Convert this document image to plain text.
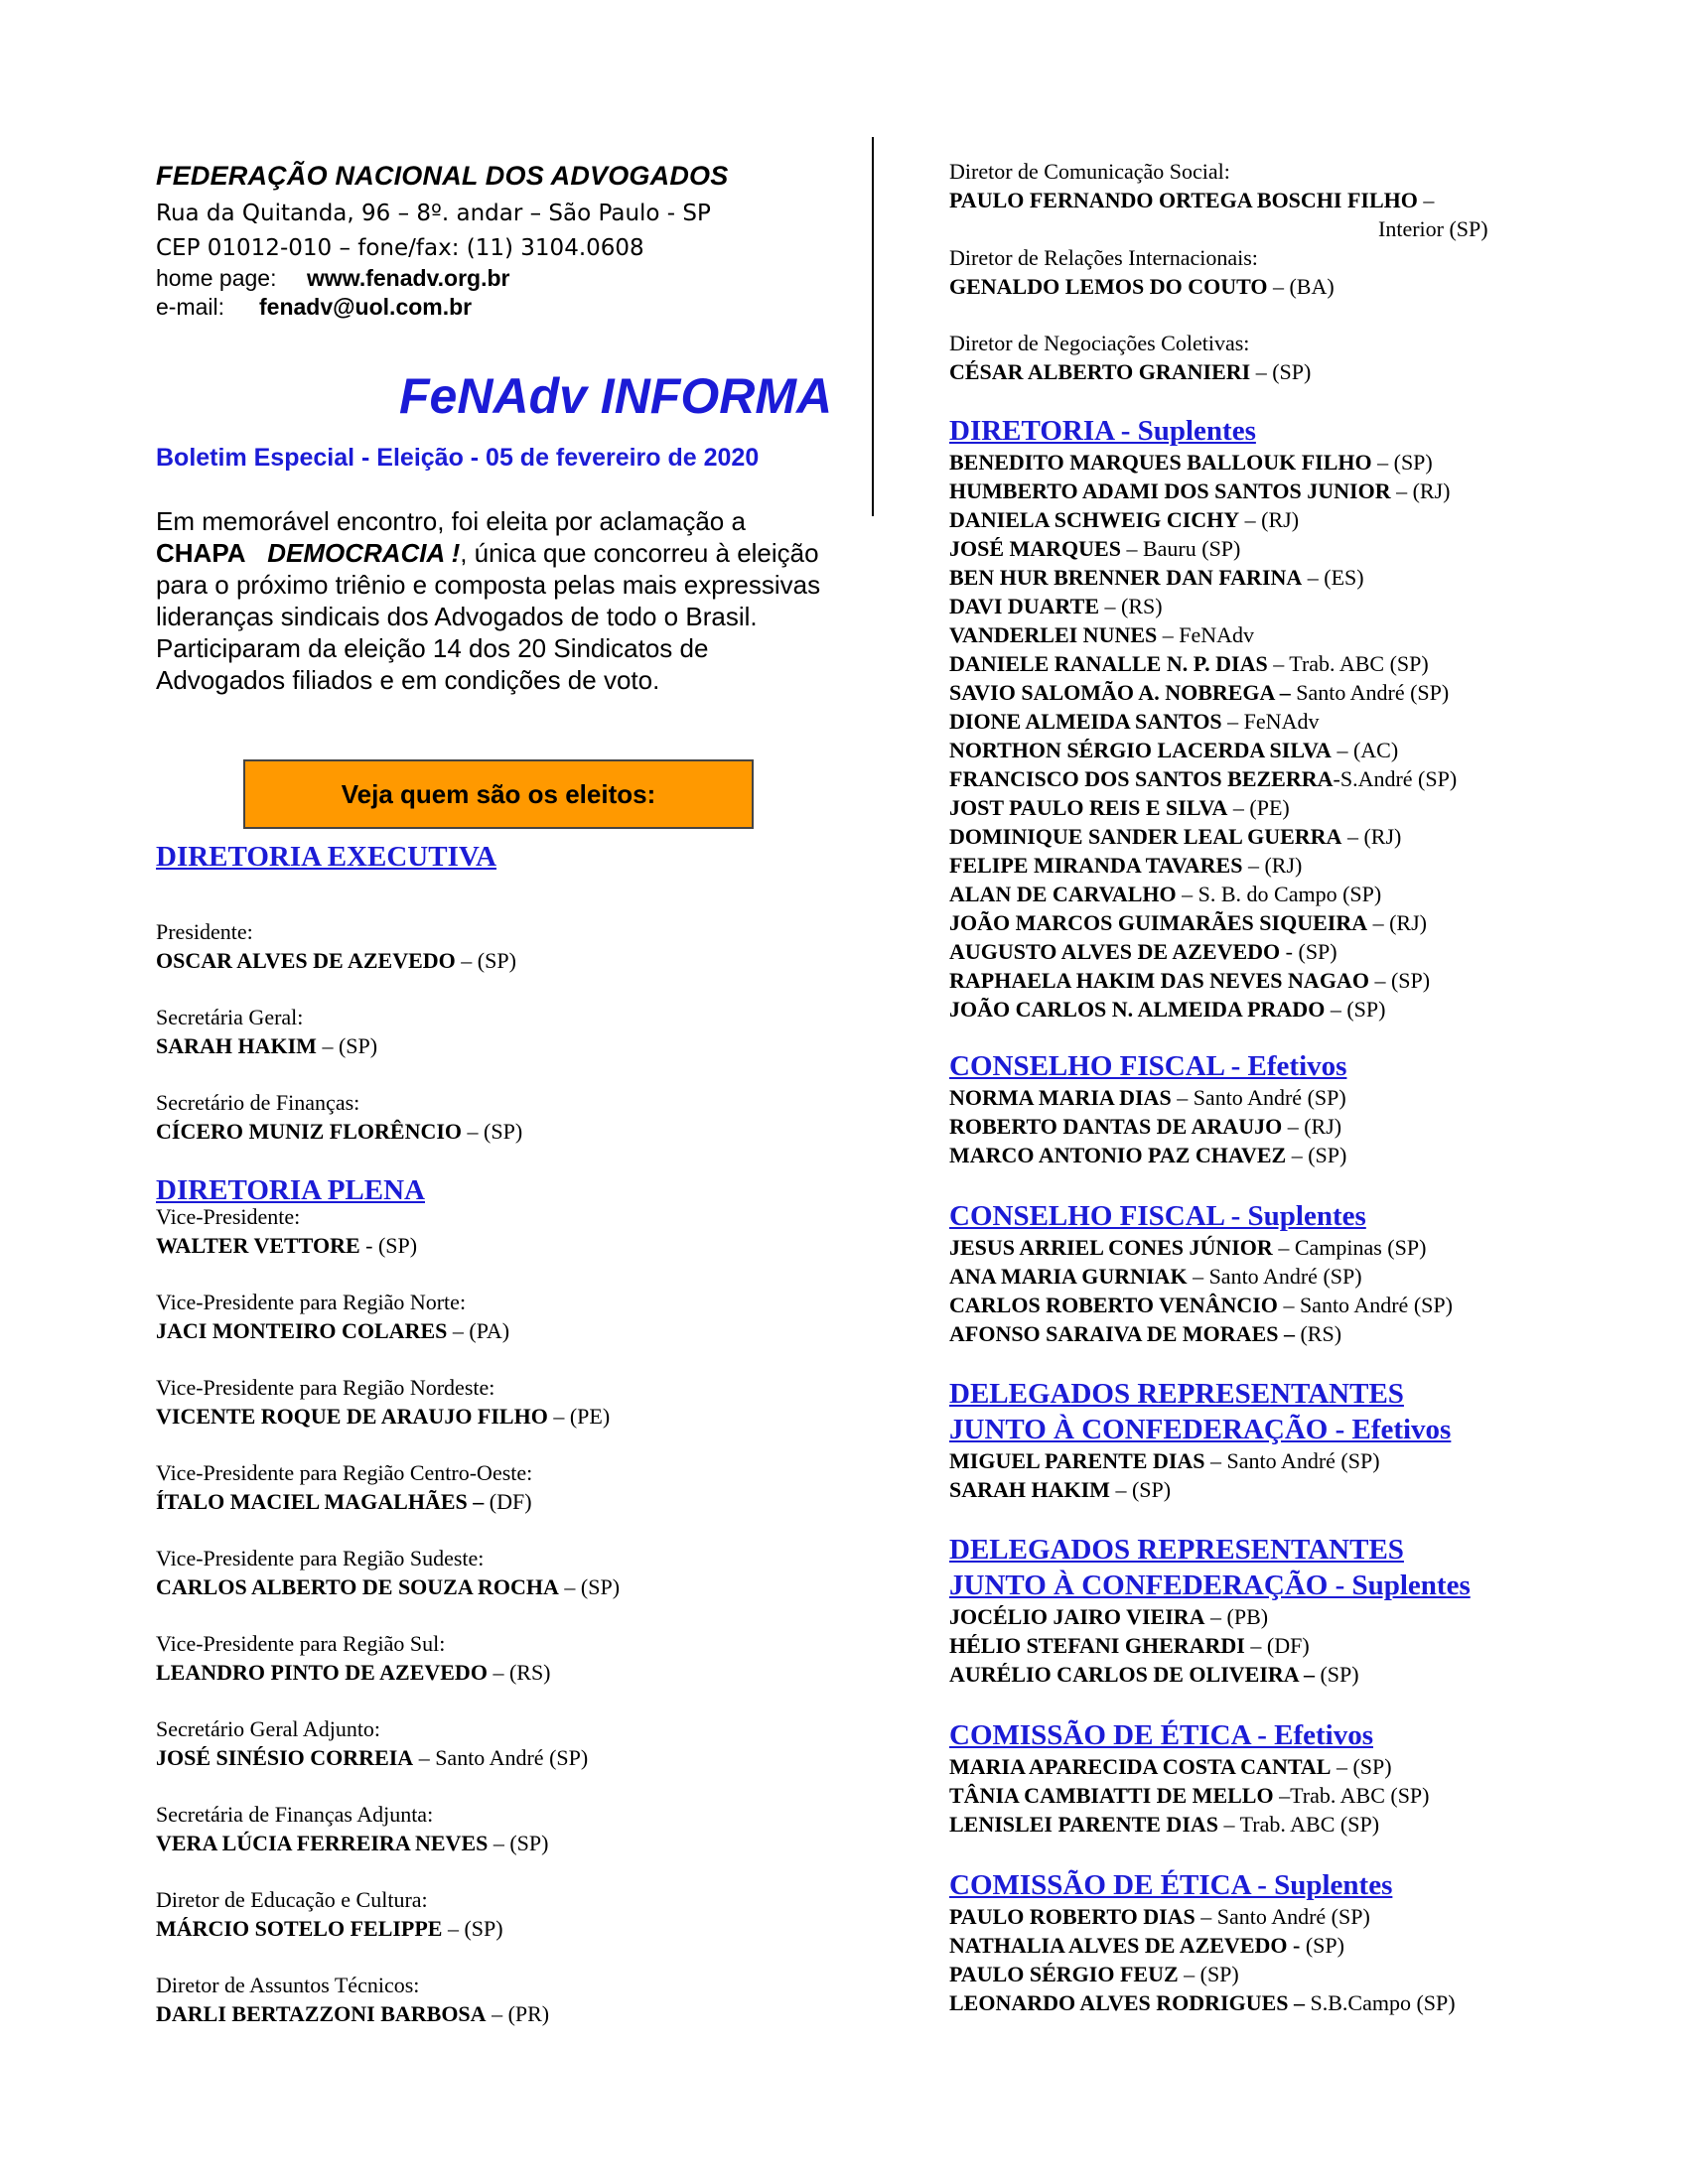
FEDERAÇÃO NACIONAL DOS ADVOGADOS
Rua da Quitanda, 96 – 8º. andar – São Paulo - SP
CEP 01012-010 – fone/fax: (11) 3104.0608
home page: www.fenadv.org.br
e-mail: fenadv@uol.com.br
FeNAdv INFORMA
Boletim Especial - Eleição - 05 de fevereiro de 2020
Em memorável encontro, foi eleita por aclamação a
CHAPA DEMOCRACIA !, única que concorreu à eleição para o próximo triênio e composta pelas mais expressivas lideranças sindicais dos Advogados de todo o Brasil. Participaram da eleição 14 dos 20 Sindicatos de Advogados filiados e em condições de voto.
Veja quem são os eleitos:
DIRETORIA EXECUTIVA
Presidente:
OSCAR ALVES DE AZEVEDO – (SP)
Secretária Geral:
SARAH HAKIM – (SP)
Secretário de Finanças:
CÍCERO MUNIZ FLORÊNCIO – (SP)
DIRETORIA PLENA
Vice-Presidente:
WALTER VETTORE - (SP)
Vice-Presidente para Região Norte:
JACI MONTEIRO COLARES – (PA)
Vice-Presidente para Região Nordeste:
VICENTE ROQUE DE ARAUJO FILHO – (PE)
Vice-Presidente para Região Centro-Oeste:
ÍTALO MACIEL MAGALHÃES – (DF)
Vice-Presidente para Região Sudeste:
CARLOS ALBERTO DE SOUZA ROCHA – (SP)
Vice-Presidente para Região Sul:
LEANDRO PINTO DE AZEVEDO – (RS)
Secretário Geral Adjunto:
JOSÉ SINÉSIO CORREIA – Santo André (SP)
Secretária de Finanças Adjunta:
VERA LÚCIA FERREIRA NEVES – (SP)
Diretor de Educação e Cultura:
MÁRCIO SOTELO FELIPPE – (SP)
Diretor de Assuntos Técnicos:
DARLI BERTAZZONI BARBOSA – (PR)
Diretor de Comunicação Social:
PAULO FERNANDO ORTEGA BOSCHI FILHO –
Interior (SP)
Diretor de Relações Internacionais:
GENALDO LEMOS DO COUTO – (BA)
Diretor de Negociações Coletivas:
CÉSAR ALBERTO GRANIERI – (SP)
DIRETORIA - Suplentes
BENEDITO MARQUES BALLOUK FILHO – (SP)
HUMBERTO ADAMI DOS SANTOS JUNIOR – (RJ)
DANIELA SCHWEIG CICHY – (RJ)
JOSÉ MARQUES – Bauru (SP)
BEN HUR BRENNER DAN FARINA – (ES)
DAVI DUARTE – (RS)
VANDERLEI NUNES – FeNAdv
DANIELE RANALLE N. P. DIAS – Trab. ABC (SP)
SAVIO SALOMÃO A. NOBREGA – Santo André (SP)
DIONE ALMEIDA SANTOS – FeNAdv
NORTHON SÉRGIO LACERDA SILVA – (AC)
FRANCISCO DOS SANTOS BEZERRA-S.André (SP)
JOST PAULO REIS E SILVA – (PE)
DOMINIQUE SANDER LEAL GUERRA – (RJ)
FELIPE MIRANDA TAVARES – (RJ)
ALAN DE CARVALHO – S. B. do Campo (SP)
JOÃO MARCOS GUIMARÃES SIQUEIRA – (RJ)
AUGUSTO ALVES DE AZEVEDO - (SP)
RAPHAELA HAKIM DAS NEVES NAGAO – (SP)
JOÃO CARLOS N. ALMEIDA PRADO – (SP)
CONSELHO FISCAL - Efetivos
NORMA MARIA DIAS – Santo André (SP)
ROBERTO DANTAS DE ARAUJO – (RJ)
MARCO ANTONIO PAZ CHAVEZ – (SP)
CONSELHO FISCAL - Suplentes
JESUS ARRIEL CONES JÚNIOR – Campinas (SP)
ANA MARIA GURNIAK – Santo André (SP)
CARLOS ROBERTO VENÂNCIO – Santo André (SP)
AFONSO SARAIVA DE MORAES – (RS)
DELEGADOS REPRESENTANTES
JUNTO À CONFEDERAÇÃO - Efetivos
MIGUEL PARENTE DIAS – Santo André (SP)
SARAH HAKIM – (SP)
DELEGADOS REPRESENTANTES
JUNTO À CONFEDERAÇÃO - Suplentes
JOCÉLIO JAIRO VIEIRA – (PB)
HÉLIO STEFANI GHERARDI – (DF)
AURÉLIO CARLOS DE OLIVEIRA – (SP)
COMISSÃO DE ÉTICA - Efetivos
MARIA APARECIDA COSTA CANTAL – (SP)
TÂNIA CAMBIATTI DE MELLO –Trab. ABC (SP)
LENISLEI PARENTE DIAS – Trab. ABC (SP)
COMISSÃO DE ÉTICA - Suplentes
PAULO ROBERTO DIAS – Santo André (SP)
NATHALIA ALVES DE AZEVEDO - (SP)
PAULO SÉRGIO FEUZ – (SP)
LEONARDO ALVES RODRIGUES – S.B.Campo (SP)
